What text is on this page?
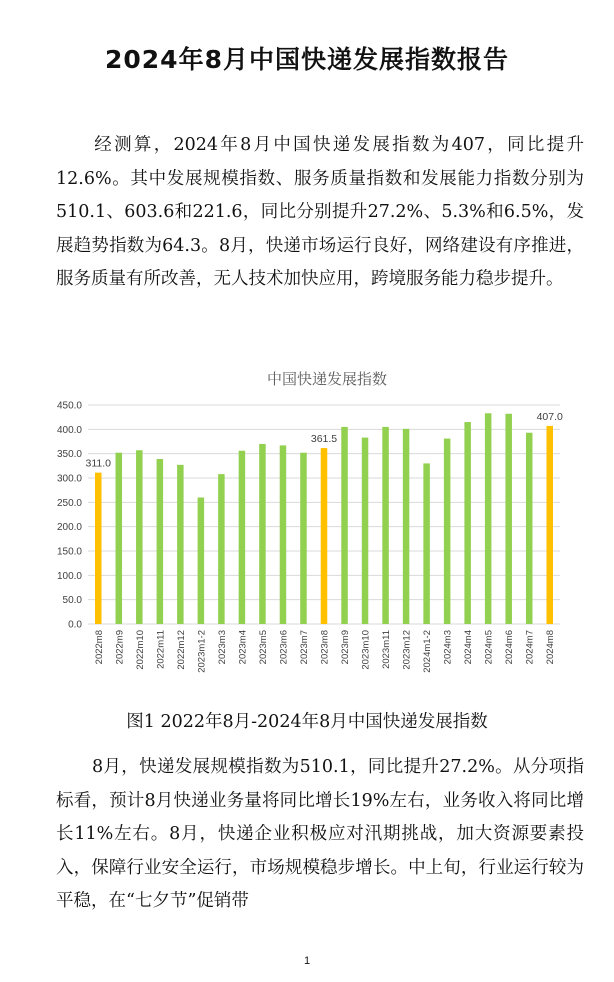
2024年8月中国快递发展指数报告
经测算，2024年8月中国快递发展指数为407，同比提升12.6%。其中发展规模指数、服务质量指数和发展能力指数分别为510.1、603.6和221.6，同比分别提升27.2%、5.3%和6.5%，发展趋势指数为64.3。8月，快递市场运行良好，网络建设有序推进，服务质量有所改善，无人技术加快应用，跨境服务能力稳步提升。
中国快递发展指数
0.0
50.0
100.0
150.0
200.0
250.0
300.0
350.0
400.0
450.0
311.0
361.5
407.0
2022m8 2022m9 2022m10 2022m11 2022m12 2023m1-2 2023m3 2023m4 2023m5 2023m6 2023m7 2023m8 2023m9 2023m10 2023m11 2023m12 2024m1-2 2024m3 2024m4 2024m5 2024m6 2024m7 2024m8
图1 2022年8月-2024年8月中国快递发展指数
8月，快递发展规模指数为510.1，同比提升27.2%。从分项指标看，预计8月快递业务量将同比增长19%左右，业务收入将同比增长11%左右。8月，快递企业积极应对汛期挑战，加大资源要素投入，保障行业安全运行，市场规模稳步增长。中上旬，行业运行较为平稳，在“七夕节”促销带
1
